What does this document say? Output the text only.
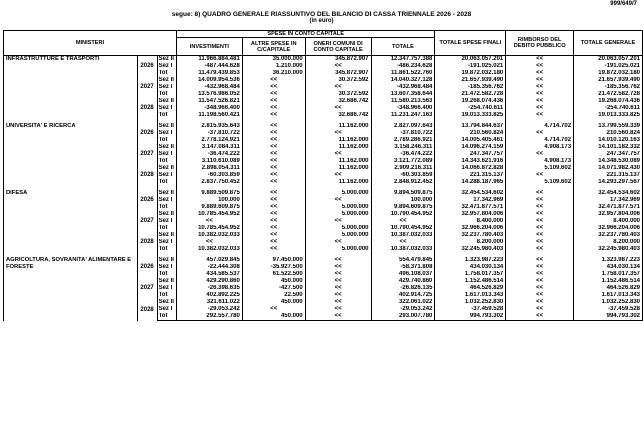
999/649/7
segue: 8) QUADRO GENERALE RIASSUNTIVO DEL BILANCIO DI CASSA TRIENNALE 2026 - 2028
(in euro)
MINISTERI			SPESE IN CONTO CAPITALE				TOTALE SPESE FINALI	RIMBORSO DEL DEBITO PUBBLICO	TOTALE GENERALE
			INVESTIMENTI	ALTRE SPESE IN C/CAPITALE	ONERI COMUNI DI CONTO CAPITALE	TOTALE			
INFRASTRUTTURE E TRASPORTI	2026	Sez II	11.966.884.481	35.000.000	345.872.907	12.347.757.388	20.063.057.201	<<	20.063.057.201
		Sez I	-487.444.628	1.210.000	<<	-486.234.628	-191.025.021	<<	-191.025.021
		Tot	11.479.439.853	36.210.000	345.872.907	11.861.522.760	19.872.032.180	<<	19.872.032.180
	2027	Sez II	14.009.954.536	<<	30.372.592	14.040.327.128	21.657.939.490	<<	21.657.939.490
		Sez I	-432.968.484	<<	<<	-432.968.484	-185.356.762	<<	-185.356.762
		Tot	13.576.986.052	<<	30.372.592	13.607.358.644	21.472.582.728	<<	21.472.582.728
	2028	Sez II	11.547.526.821	<<	32.686.742	11.580.213.563	19.268.074.436	<<	19.268.074.436
		Sez I	-348.966.400	<<	<<	-348.966.400	-254.740.611	<<	-254.740.611
		Tot	11.198.560.421	<<	32.686.742	11.231.247.163	19.013.333.825	<<	19.013.333.825

UNIVERSITA' E RICERCA	2026	Sez II	2.815.935.643	<<	11.162.000	2.827.097.643	13.794.844.637	4.714.702	13.799.559.339
		Sez I	-37.810.722	<<	<<	-37.810.722	210.560.824	<<	210.560.824
		Tot	2.778.124.921	<<	11.162.000	2.789.286.921	14.005.405.461	4.714.702	14.010.120.163
	2027	Sez II	3.147.084.311	<<	11.162.000	3.158.246.311	14.096.274.159	4.908.173	14.101.182.332
		Sez I	-36.474.222	<<	<<	-36.474.222	247.347.757	<<	247.347.757
		Tot	3.110.610.089	<<	11.162.000	3.121.772.089	14.343.621.916	4.908.173	14.348.530.089
	2028	Sez II	2.898.054.311	<<	11.162.000	2.909.216.311	14.066.872.828	5.109.602	14.071.982.430
		Sez I	-60.303.859	<<	<<	-60.303.859	221.315.137	<<	221.315.137
		Tot	2.837.750.452	<<	11.162.000	2.848.912.452	14.288.187.965	5.109.602	14.293.297.567

DIFESA	2026	Sez II	9.889.509.875	<<	5.000.000	9.894.509.875	32.454.534.602	<<	32.454.534.602
		Sez I	100.000	<<	<<	100.000	17.342.969	<<	17.342.969
		Tot	9.889.609.875	<<	5.000.000	9.894.609.875	32.471.877.571	<<	32.471.877.571
	2027	Sez II	10.785.454.952	<<	5.000.000	10.790.454.952	32.957.804.006	<<	32.957.804.006
		Sez I	<<	<<	<<	<<	8.400.000	<<	8.400.000
		Tot	10.785.454.952	<<	5.000.000	10.790.454.952	32.966.204.006	<<	32.966.204.006
	2028	Sez II	10.382.032.033	<<	5.000.000	10.387.032.033	32.237.780.403	<<	32.237.780.403
		Sez I	<<	<<	<<	<<	8.200.000	<<	8.200.000
		Tot	10.382.032.033	<<	5.000.000	10.387.032.033	32.245.980.403	<<	32.245.980.403

AGRICOLTURA, SOVRANITA' ALIMENTARE E FORESTE	2026	Sez II	457.029.845	97.450.000	<<	554.479.845	1.323.987.223	<<	1.323.987.223
		Sez I	-22.444.308	-35.927.500	<<	-58.371.808	434.030.134	<<	434.030.134
		Tot	434.585.537	61.522.500	<<	496.108.037	1.758.017.357	<<	1.758.017.357
	2027	Sez II	429.290.860	450.000	<<	429.740.860	1.152.486.514	<<	1.152.486.514
		Sez I	-26.398.635	-427.500	<<	-26.826.135	464.526.829	<<	464.526.829
		Tot	402.892.225	22.500	<<	402.914.725	1.617.013.343	<<	1.617.013.343
	2028	Sez II	321.611.022	450.000	<<	322.061.022	1.032.252.830	<<	1.032.252.830
		Sez I	-29.053.242	<<	<<	-29.053.242	-37.459.528	<<	-37.459.528
		Tot	292.557.780	450.000	<<	293.007.780	994.793.302	<<	994.793.302
